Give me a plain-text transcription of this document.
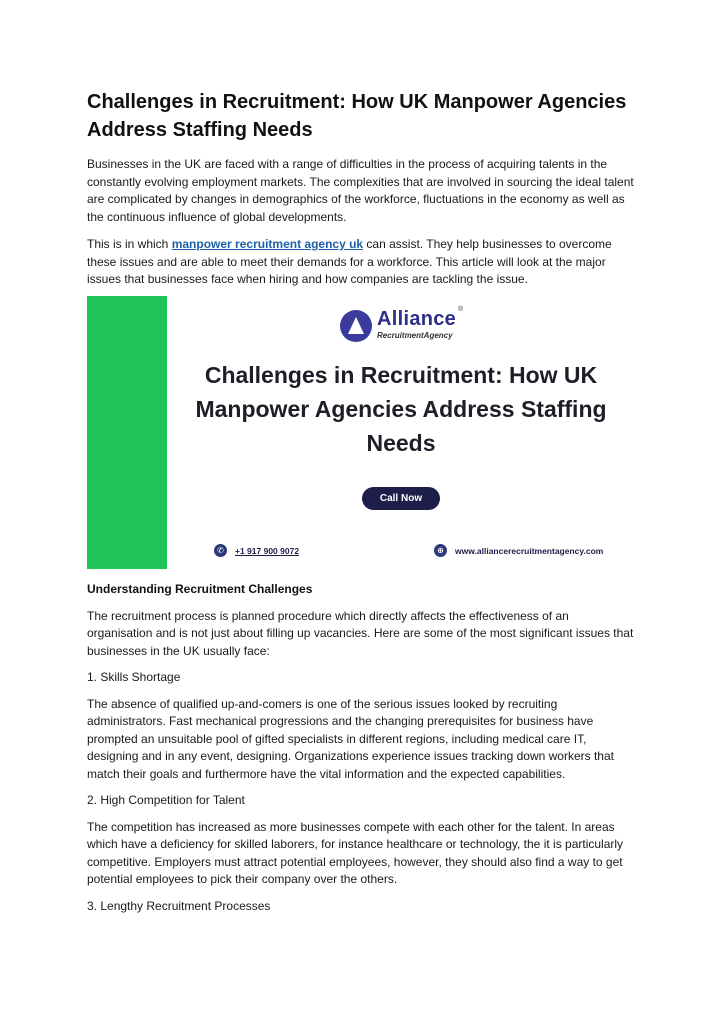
Challenges in Recruitment: How UK Manpower Agencies Address Staffing Needs

Businesses in the UK are faced with a range of difficulties in the process of acquiring talents in the constantly evolving employment markets. The complexities that are involved in sourcing the ideal talent are complicated by changes in demographics of the workforce, fluctuations in the economy as well as the continuous influence of global developments.

This is in which manpower recruitment agency uk can assist. They help businesses to overcome these issues and are able to meet their demands for a workforce. This article will look at the major issues that businesses face when hiring and how companies are tackling the issue.

Alliance ®
RecruitmentAgency
Challenges in Recruitment: How UK Manpower Agencies Address Staffing Needs
Call Now
✆	+1 917 900 9072	⊕	www.alliancerecruitmentagency.com
Understanding Recruitment Challenges

The recruitment process is planned procedure which directly affects the effectiveness of an organisation and is not just about filling up vacancies. Here are some of the most significant issues that businesses in the UK usually face:

1. Skills Shortage

The absence of qualified up-and-comers is one of the serious issues looked by recruiting administrators. Fast mechanical progressions and the changing prerequisites for business have prompted an unsuitable pool of gifted specialists in different regions, including medical care IT, designing and in any event, designing. Organizations experience issues tracking down workers that match their goals and furthermore have the vital information and the expected capabilities.

2. High Competition for Talent

The competition has increased as more businesses compete with each other for the talent. In areas which have a deficiency for skilled laborers, for instance healthcare or technology, the it is particularly competitive. Employers must attract potential employees, however, they should also find a way to get potential employees to pick their company over the others.

3. Lengthy Recruitment Processes
